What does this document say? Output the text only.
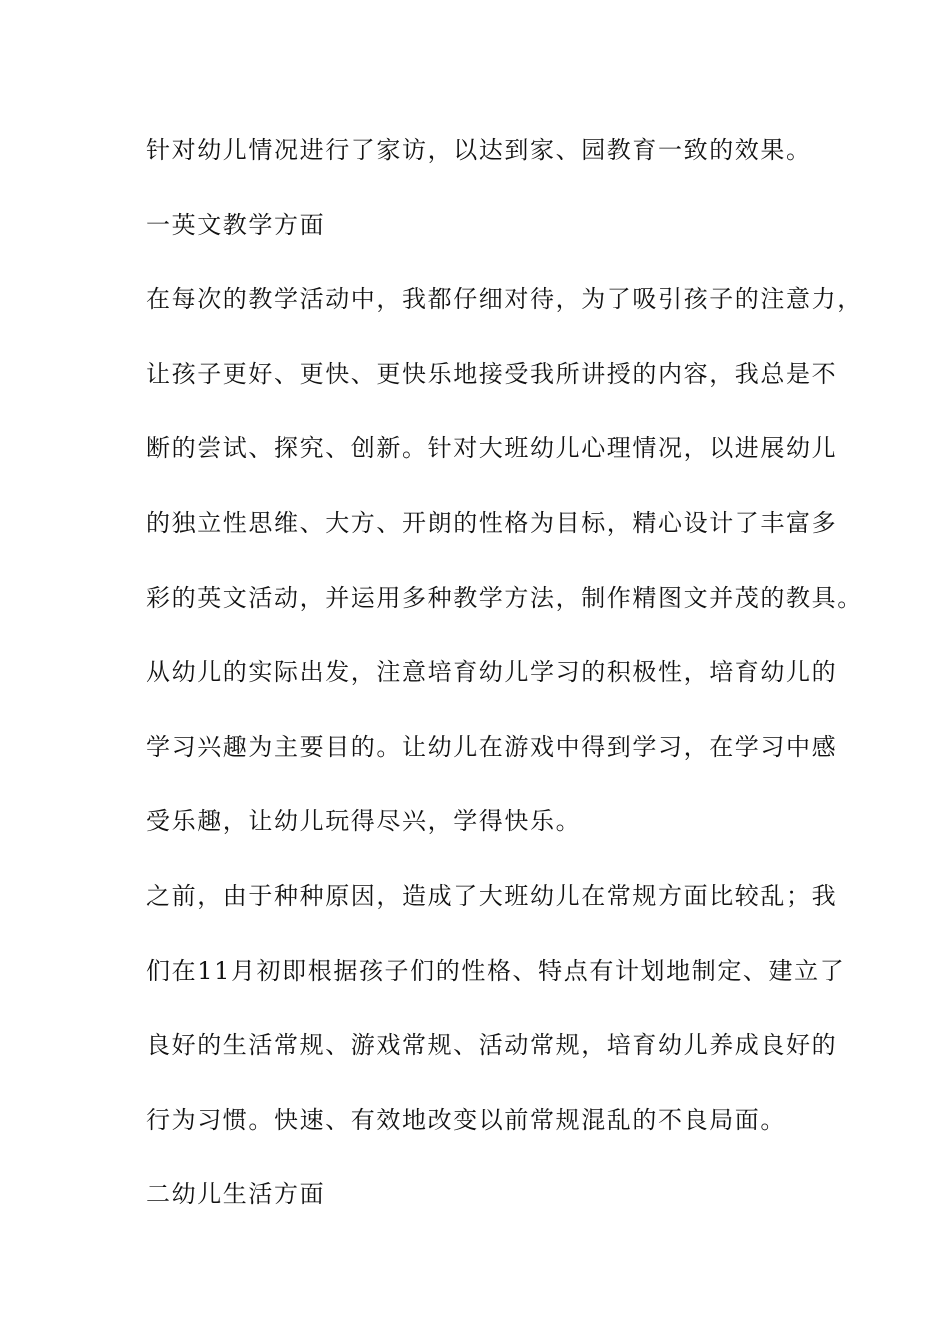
针对幼儿情况进行了家访，以达到家、园教育一致的效果。
一英文教学方面
在每次的教学活动中，我都仔细对待，为了吸引孩子的注意力，
让孩子更好、更快、更快乐地接受我所讲授的内容，我总是不
断的尝试、探究、创新。针对大班幼儿心理情况，以进展幼儿
的独立性思维、大方、开朗的性格为目标，精心设计了丰富多
彩的英文活动，并运用多种教学方法，制作精图文并茂的教具。
从幼儿的实际出发，注意培育幼儿学习的积极性，培育幼儿的
学习兴趣为主要目的。让幼儿在游戏中得到学习，在学习中感
受乐趣，让幼儿玩得尽兴，学得快乐。
之前，由于种种原因，造成了大班幼儿在常规方面比较乱；我
们在11月初即根据孩子们的性格、特点有计划地制定、建立了
良好的生活常规、游戏常规、活动常规，培育幼儿养成良好的
行为习惯。快速、有效地改变以前常规混乱的不良局面。
二幼儿生活方面
